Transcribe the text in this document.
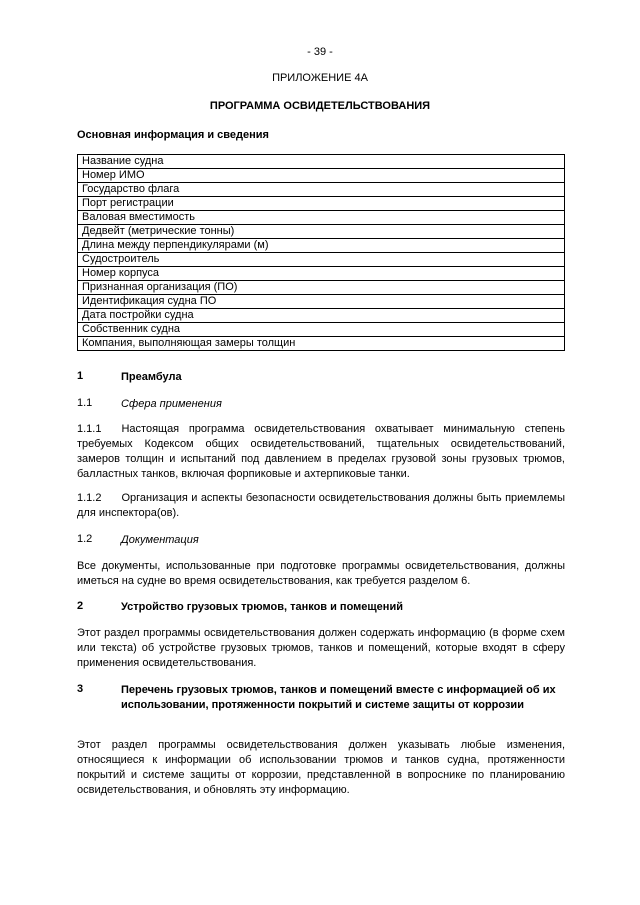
- 39 -
ПРИЛОЖЕНИЕ 4А
ПРОГРАММА ОСВИДЕТЕЛЬСТВОВАНИЯ
Основная информация и сведения
Название судна
Номер ИМО
Государство флага
Порт регистрации
Валовая вместимость
Дедвейт (метрические тонны)
Длина между перпендикулярами (м)
Судостроитель
Номер корпуса
Признанная организация (ПО)
Идентификация судна ПО
Дата постройки судна
Собственник судна
Компания, выполняющая замеры толщин
1	Преамбула
1.1	Сфера применения

1.1.1 Настоящая программа освидетельствования охватывает минимальную степень требуемых Кодексом общих освидетельствований, тщательных освидетельствований, замеров толщин и испытаний под давлением в пределах грузовой зоны грузовых трюмов, балластных танков, включая форпиковые и ахтерпиковые танки.

1.1.2 Организация и аспекты безопасности освидетельствования должны быть приемлемы для инспектора(ов).

1.2	Документация

Все документы, использованные при подготовке программы освидетельствования, должны иметься на судне во время освидетельствования, как требуется разделом 6.

2	Устройство грузовых трюмов, танков и помещений

Этот раздел программы освидетельствования должен содержать информацию (в форме схем или текста) об устройстве грузовых трюмов, танков и помещений, которые входят в сферу применения освидетельствования.

3	Перечень грузовых трюмов, танков и помещений вместе с информацией об их использовании, протяженности покрытий и системе защиты от коррозии

Этот раздел программы освидетельствования должен указывать любые изменения, относящиеся к информации об использовании трюмов и танков судна, протяженности покрытий и системе защиты от коррозии, представленной в вопроснике по планированию освидетельствования, и обновлять эту информацию.
